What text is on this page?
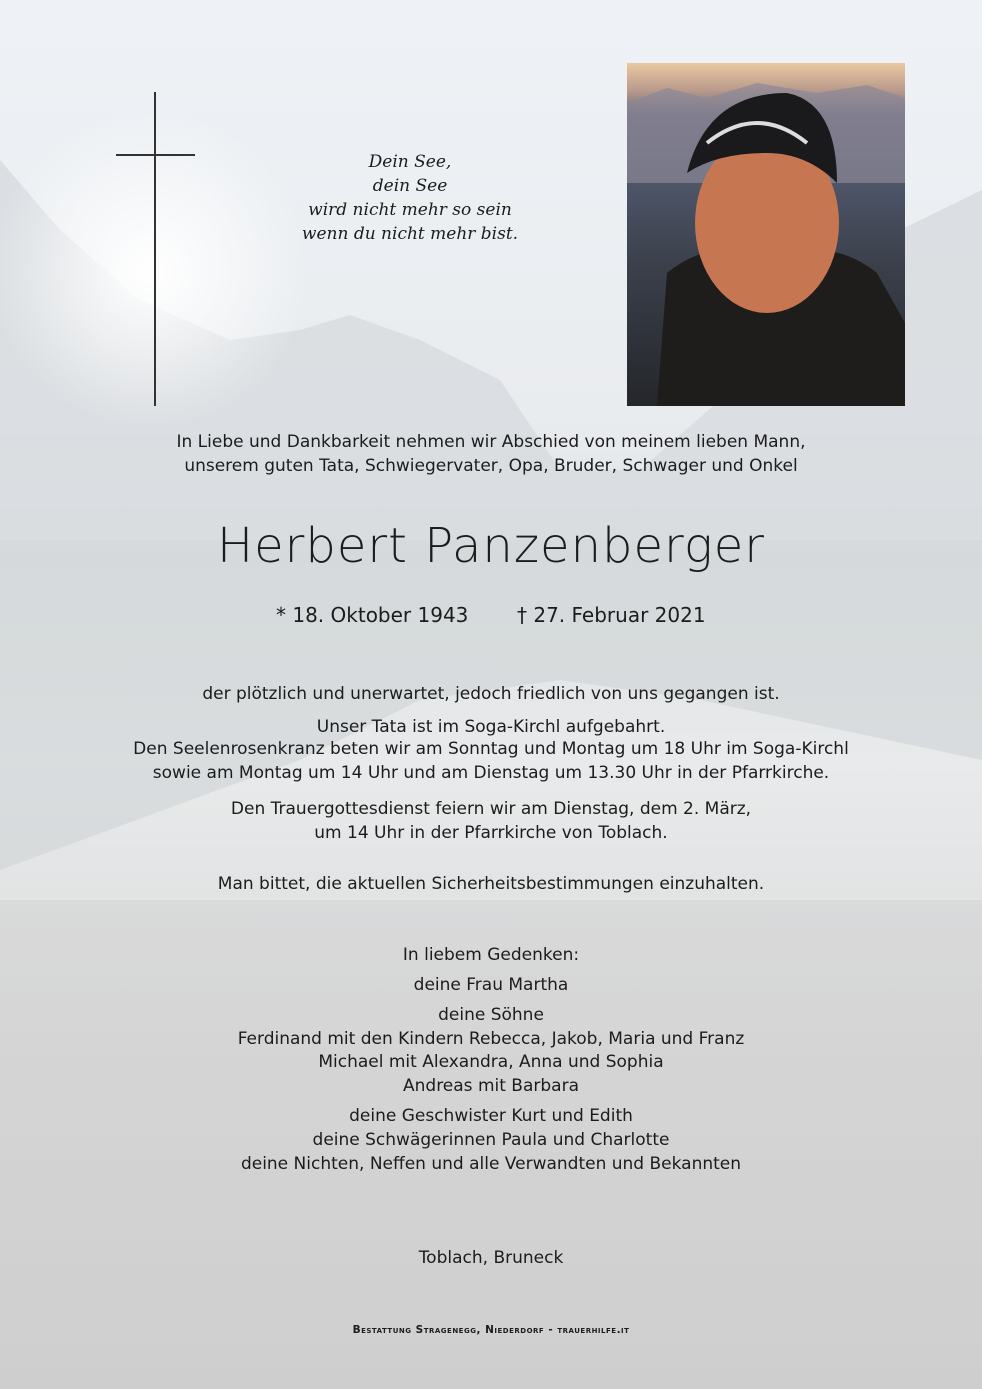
Dein See,
dein See
wird nicht mehr so sein
wenn du nicht mehr bist.
In Liebe und Dankbarkeit nehmen wir Abschied von meinem lieben Mann,
unserem guten Tata, Schwiegervater, Opa, Bruder, Schwager und Onkel
Herbert Panzenberger
* 18. Oktober 1943 † 27. Februar 2021
der plötzlich und unerwartet, jedoch friedlich von uns gegangen ist.
Unser Tata ist im Soga-Kirchl aufgebahrt.
Den Seelenrosenkranz beten wir am Sonntag und Montag um 18 Uhr im Soga-Kirchl
sowie am Montag um 14 Uhr und am Dienstag um 13.30 Uhr in der Pfarrkirche.
Den Trauergottesdienst feiern wir am Dienstag, dem 2. März,
um 14 Uhr in der Pfarrkirche von Toblach.
Man bittet, die aktuellen Sicherheitsbestimmungen einzuhalten.
In liebem Gedenken:
deine Frau Martha
deine Söhne
Ferdinand mit den Kindern Rebecca, Jakob, Maria und Franz
Michael mit Alexandra, Anna und Sophia
Andreas mit Barbara
deine Geschwister Kurt und Edith
deine Schwägerinnen Paula und Charlotte
deine Nichten, Neffen und alle Verwandten und Bekannten
Toblach, Bruneck
Bestattung Stragenegg, Niederdorf - trauerhilfe.it
